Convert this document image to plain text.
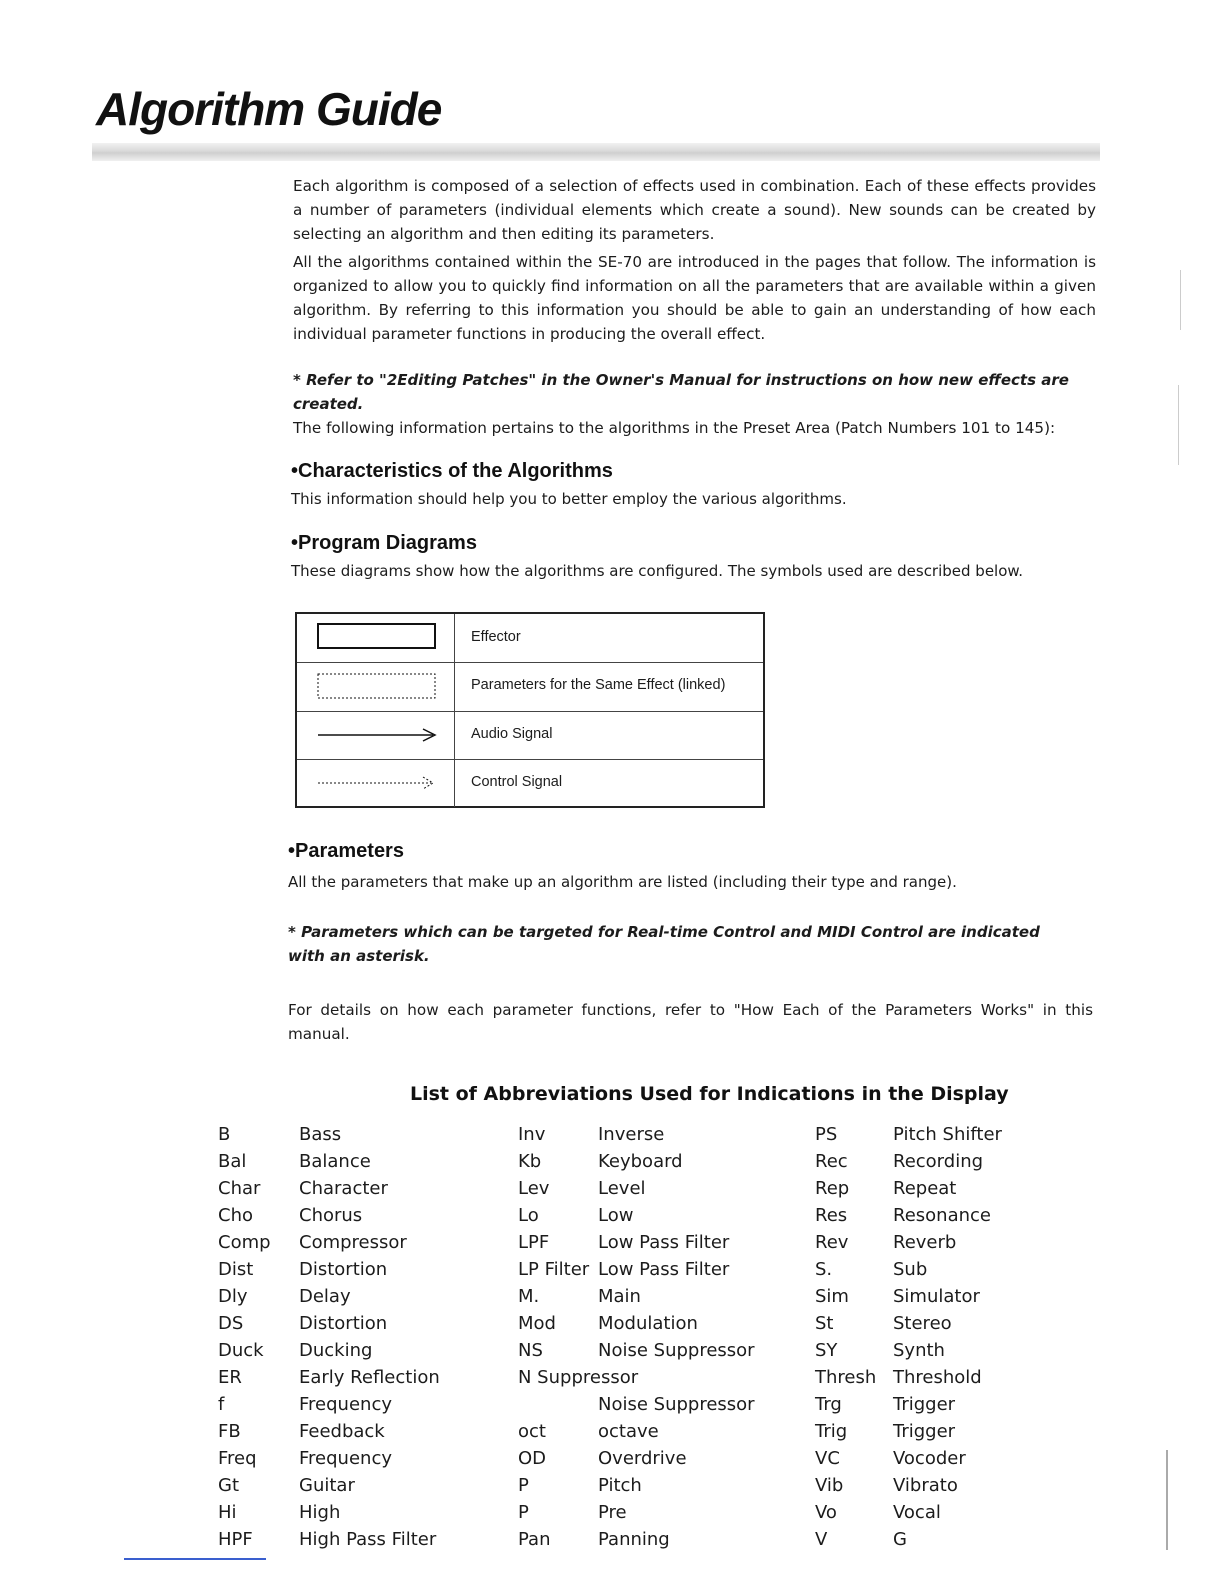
Algorithm Guide
Each algorithm is composed of a selection of effects used in combination. Each of these effects provides a number of parameters (individual elements which create a sound). New sounds can be created by selecting an algorithm and then editing its parameters.
All the algorithms contained within the SE-70 are introduced in the pages that follow. The information is organized to allow you to quickly find information on all the parameters that are available within a given algorithm. By referring to this information you should be able to gain an understanding of how each individual parameter functions in producing the overall effect.
* Refer to "2Editing Patches" in the Owner's Manual for instructions on how new effects are created.
The following information pertains to the algorithms in the Preset Area (Patch Numbers 101 to 145):
•Characteristics of the Algorithms
This information should help you to better employ the various algorithms.
•Program Diagrams
These diagrams show how the algorithms are configured. The symbols used are described below.
Effector
Parameters for the Same Effect (linked)
Audio Signal
Control Signal
•Parameters
All the parameters that make up an algorithm are listed (including their type and range).
* Parameters which can be targeted for Real-time Control and MIDI Control are indicated with an asterisk.
For details on how each parameter functions, refer to "How Each of the Parameters Works" in this manual.
List of Abbreviations Used for Indications in the Display
B	Bass
Bal	Balance
Char Character
Cho	Chorus
Comp Compressor
Dist	Distortion
Dly	Delay
DS	Distortion
Duck Ducking
ER	Early Reflection
f	Frequency
FB	Feedback
Freq Frequency
Gt	Guitar
Hi	High
HPF	High Pass Filter
Inv	Inverse
Kb	Keyboard
Lev	Level
Lo	Low
LPF	Low Pass Filter
LP Filter Low Pass Filter
M.	Main
Mod Modulation
NS	Noise Suppressor
N Suppressor
Noise Suppressor
oct	octave
OD	Overdrive
P	Pitch
P	Pre
Pan	Panning
PS	Pitch Shifter
Rec	Recording
Rep Repeat
Res	Resonance
Rev Reverb
S.	Sub
Sim Simulator
St	Stereo
SY	Synth
Thresh Threshold
Trg	Trigger
Trig	Trigger
VC	Vocoder
Vib	Vibrato
Vo	Vocal
V	G
